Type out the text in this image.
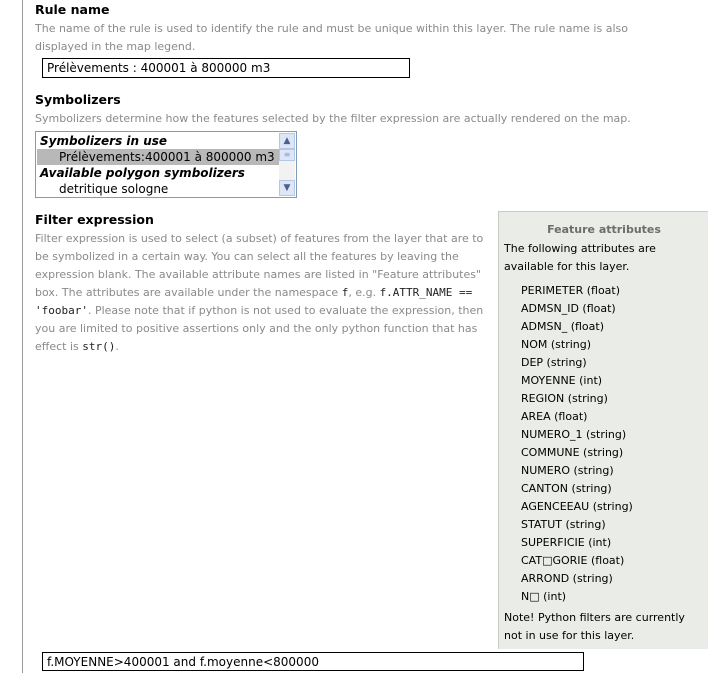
Rule name
The name of the rule is used to identify the rule and must be unique within this layer. The rule name is also displayed in the map legend.
Prélèvements : 400001 à 800000 m3
Symbolizers
Symbolizers determine how the features selected by the filter expression are actually rendered on the map.
Symbolizers in use
Prélèvements:400001 à 800000 m3
Available polygon symbolizers
detritique sologne
▲
≡
▼
Filter expression
Filter expression is used to select (a subset) of features from the layer that are to be symbolized in a certain way. You can select all the features by leaving the expression blank. The available attribute names are listed in "Feature attributes" box. The attributes are available under the namespace f, e.g. f.ATTR_NAME == 'foobar'. Please note that if python is not used to evaluate the expression, then you are limited to positive assertions only and the only python function that has effect is str().
Feature attributes
The following attributes are available for this layer.
PERIMETER (float)
ADMSN_ID (float)
ADMSN_ (float)
NOM (string)
DEP (string)
MOYENNE (int)
REGION (string)
AREA (float)
NUMERO_1 (string)
COMMUNE (string)
NUMERO (string)
CANTON (string)
AGENCEEAU (string)
STATUT (string)
SUPERFICIE (int)
CAT□GORIE (float)
ARROND (string)
N□ (int)
Note! Python filters are currently not in use for this layer.
f.MOYENNE>400001 and f.moyenne<800000
